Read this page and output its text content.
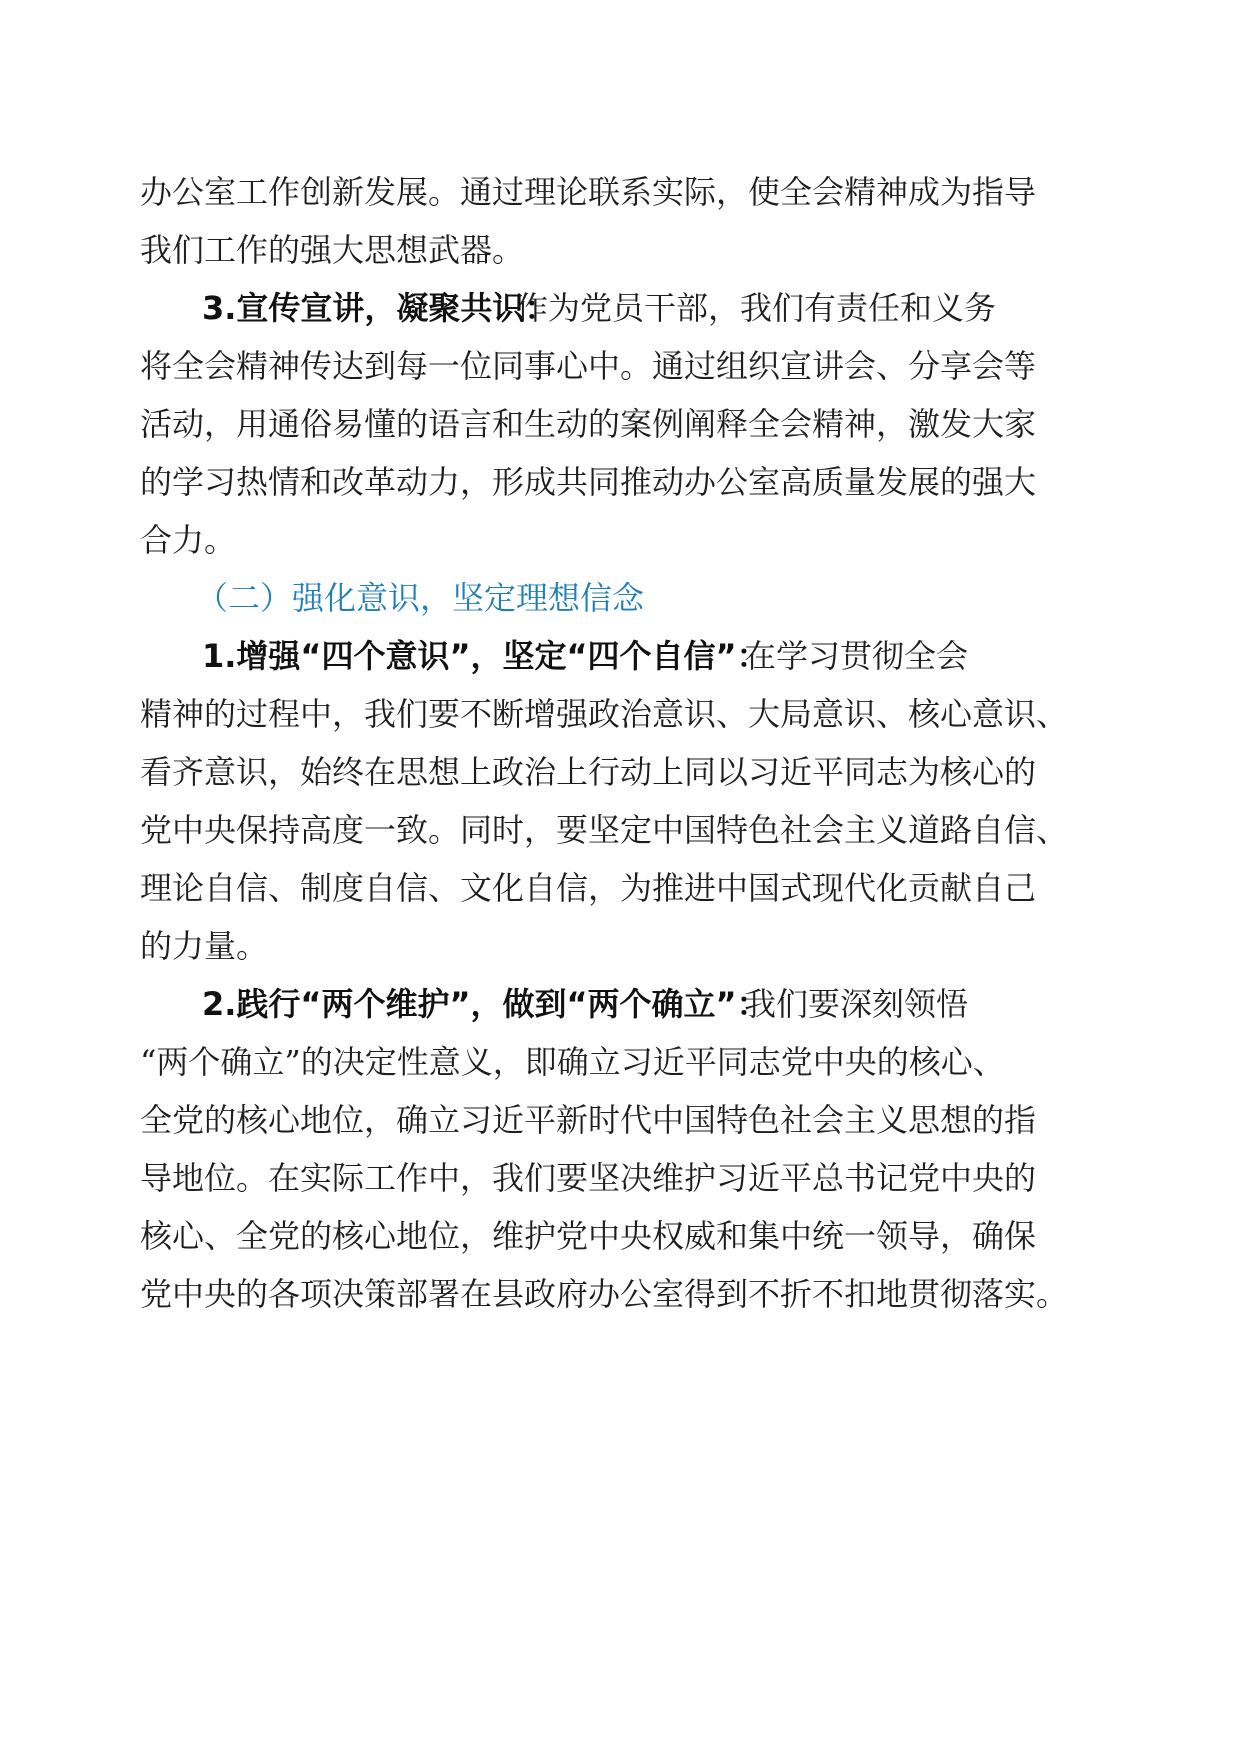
办公室工作创新发展。通过理论联系实际，使全会精神成为指导
我们工作的强大思想武器。
3.宣传宣讲，凝聚共识：
作为党员干部，我们有责任和义务
将全会精神传达到每一位同事心中。通过组织宣讲会、分享会等
活动，用通俗易懂的语言和生动的案例阐释全会精神，激发大家
的学习热情和改革动力，形成共同推动办公室高质量发展的强大
合力。
（二）强化意识，坚定理想信念
1.增强“四个意识”，坚定“四个自信”：
在学习贯彻全会
精神的过程中，我们要不断增强政治意识、大局意识、核心意识、
看齐意识，始终在思想上政治上行动上同以习近平同志为核心的
党中央保持高度一致。同时，要坚定中国特色社会主义道路自信、
理论自信、制度自信、文化自信，为推进中国式现代化贡献自己
的力量。
2.践行“两个维护”，做到“两个确立”：
我们要深刻领悟
“两个确立”的决定性意义，即确立习近平同志党中央的核心、
全党的核心地位，确立习近平新时代中国特色社会主义思想的指
导地位。在实际工作中，我们要坚决维护习近平总书记党中央的
核心、全党的核心地位，维护党中央权威和集中统一领导，确保
党中央的各项决策部署在县政府办公室得到不折不扣地贯彻落实。
